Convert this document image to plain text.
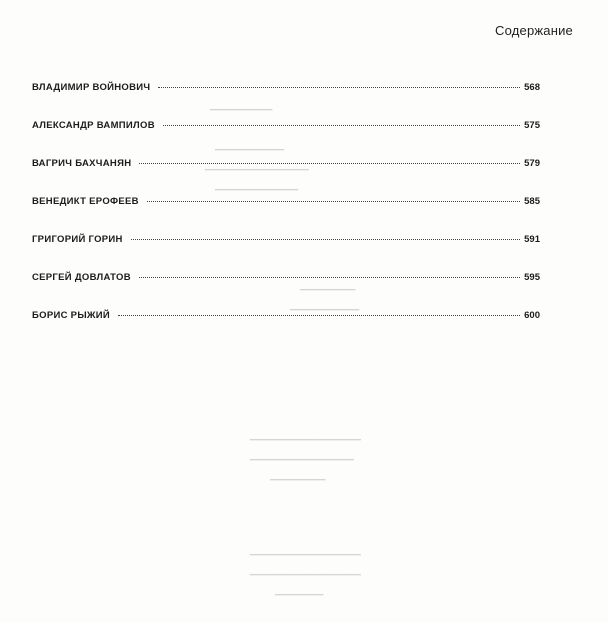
▁▁▁▁▁▁▁▁▁
▁▁▁▁▁▁▁▁▁▁
▁▁▁▁▁▁▁▁▁▁▁▁▁▁▁
▁▁▁▁▁▁▁▁▁▁▁▁
▁▁▁▁▁▁▁▁
▁▁▁▁▁▁▁▁▁▁
▁▁▁▁▁▁▁▁▁▁▁▁▁▁▁▁
▁▁▁▁▁▁▁▁▁▁▁▁▁▁▁
▁▁▁▁▁▁▁▁
▁▁▁▁▁▁▁▁▁▁▁▁▁▁▁▁
▁▁▁▁▁▁▁▁▁▁▁▁▁▁▁▁
▁▁▁▁▁▁▁
Содержание
ВЛАДИМИР ВОЙНОВИЧ	568
АЛЕКСАНДР ВАМПИЛОВ	575
ВАГРИЧ БАХЧАНЯН	579
ВЕНЕДИКТ ЕРОФЕЕВ	585
ГРИГОРИЙ ГОРИН	591
СЕРГЕЙ ДОВЛАТОВ	595
БОРИС РЫЖИЙ	600
